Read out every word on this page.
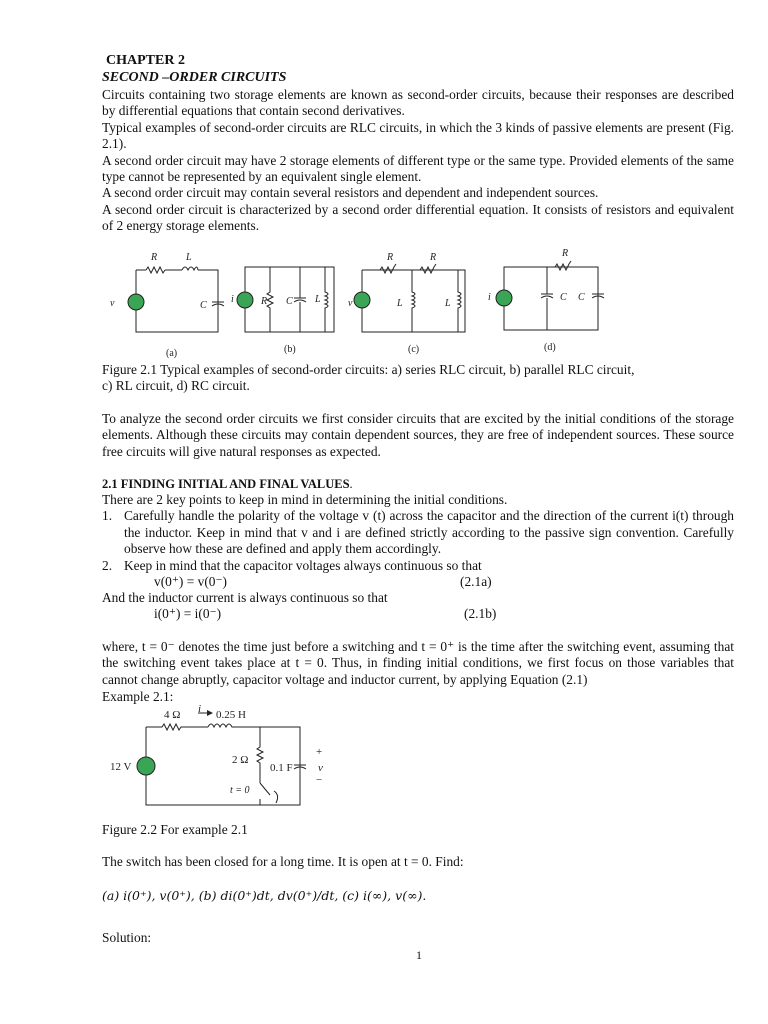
CHAPTER 2
SECOND –ORDER CIRCUITS
Circuits containing two storage elements are known as second-order circuits, because their responses are described by differential equations that contain second derivatives.
Typical examples of second-order circuits are RLC circuits, in which the 3 kinds of passive elements are present (Fig. 2.1).
A second order circuit may have 2 storage elements of different type or the same type. Provided elements of the same type cannot be represented by an equivalent single element.
A second order circuit may contain several resistors and dependent and independent sources.
A second order circuit is characterized by a second order differential equation. It consists of resistors and equivalent of 2 energy storage elements.
R	L
C
v	i	R C L	v
R	R
L	L
i
R
C C
(a)	(b)	(c)	(d)
Figure 2.1 Typical examples of second-order circuits: a) series RLC circuit, b) parallel RLC circuit,
c) RL circuit, d) RC circuit.
To analyze the second order circuits we first consider circuits that are excited by the initial conditions of the storage elements. Although these circuits may contain dependent sources, they are free of independent sources. These source free circuits will give natural responses as expected.
2.1 FINDING INITIAL AND FINAL VALUES.
There are 2 key points to keep in mind in determining the initial conditions.
1. Carefully handle the polarity of the voltage v (t) across the capacitor and the direction of the current i(t) through the inductor. Keep in mind that v and i are defined strictly according to the passive sign convention. Carefully observe how these are defined and apply them accordingly.
2. Keep in mind that the capacitor voltages always continuous so that
v(0⁺) = v(0⁻)	(2.1a)
And the inductor current is always continuous so that
i(0⁺) = i(0⁻)	(2.1b)
where, t = 0⁻ denotes the time just before a switching and t = 0⁺ is the time after the switching event, assuming that the switching event takes place at t = 0. Thus, in finding initial conditions, we first focus on those variables that cannot change abruptly, capacitor voltage and inductor current, by applying Equation (2.1)
Example 2.1:
4 Ω i 0.25 H
12 V
2 Ω
0.1 F
+
v
−
t = 0
Figure 2.2 For example 2.1
The switch has been closed for a long time. It is open at t = 0. Find:
(a) i(0⁺), v(0⁺), (b) di(0⁺)dt, dv(0⁺)/dt, (c) i(∞), v(∞).
Solution:
1
